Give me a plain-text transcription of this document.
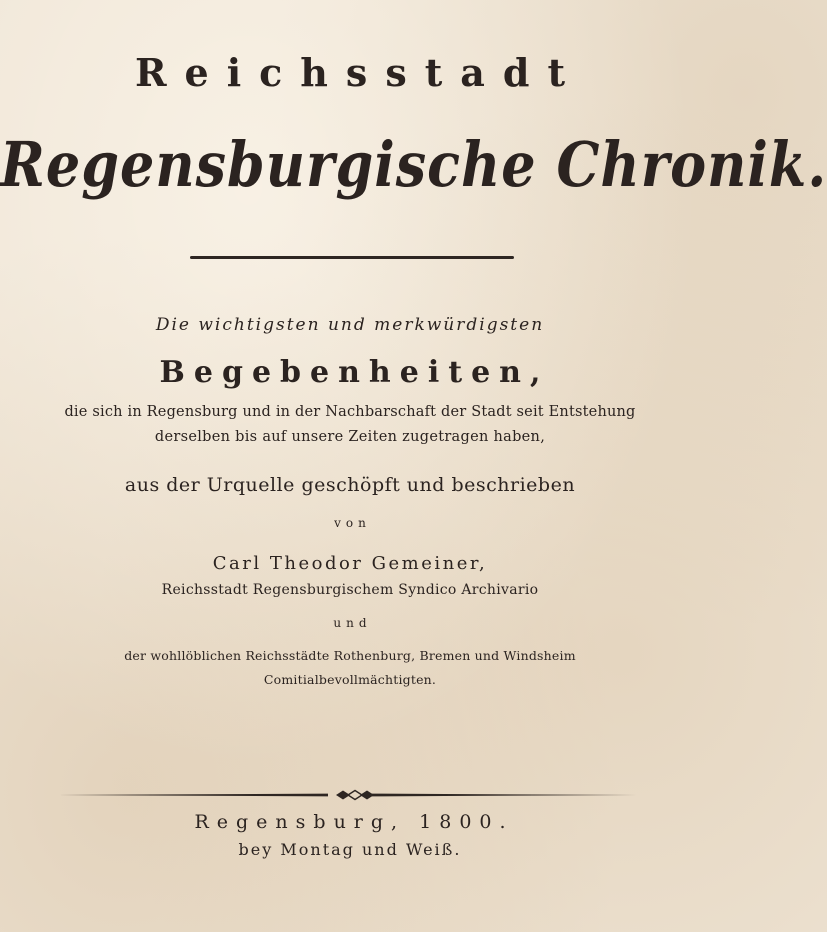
Reichsstadt
Regensburgische Chronik.
Die wichtigsten und merkwürdigsten
Begebenheiten,
die sich in Regensburg und in der Nachbarschaft der Stadt seit Entstehung
derselben bis auf unsere Zeiten zugetragen haben,
aus der Urquelle geschöpft und beschrieben
von
Carl Theodor Gemeiner,
Reichsstadt Regensburgischem Syndico Archivario
und
der wohllöblichen Reichsstädte Rothenburg, Bremen und Windsheim
Comitialbevollmächtigten.
Regensburg, 1800.
bey Montag und Weiß.
